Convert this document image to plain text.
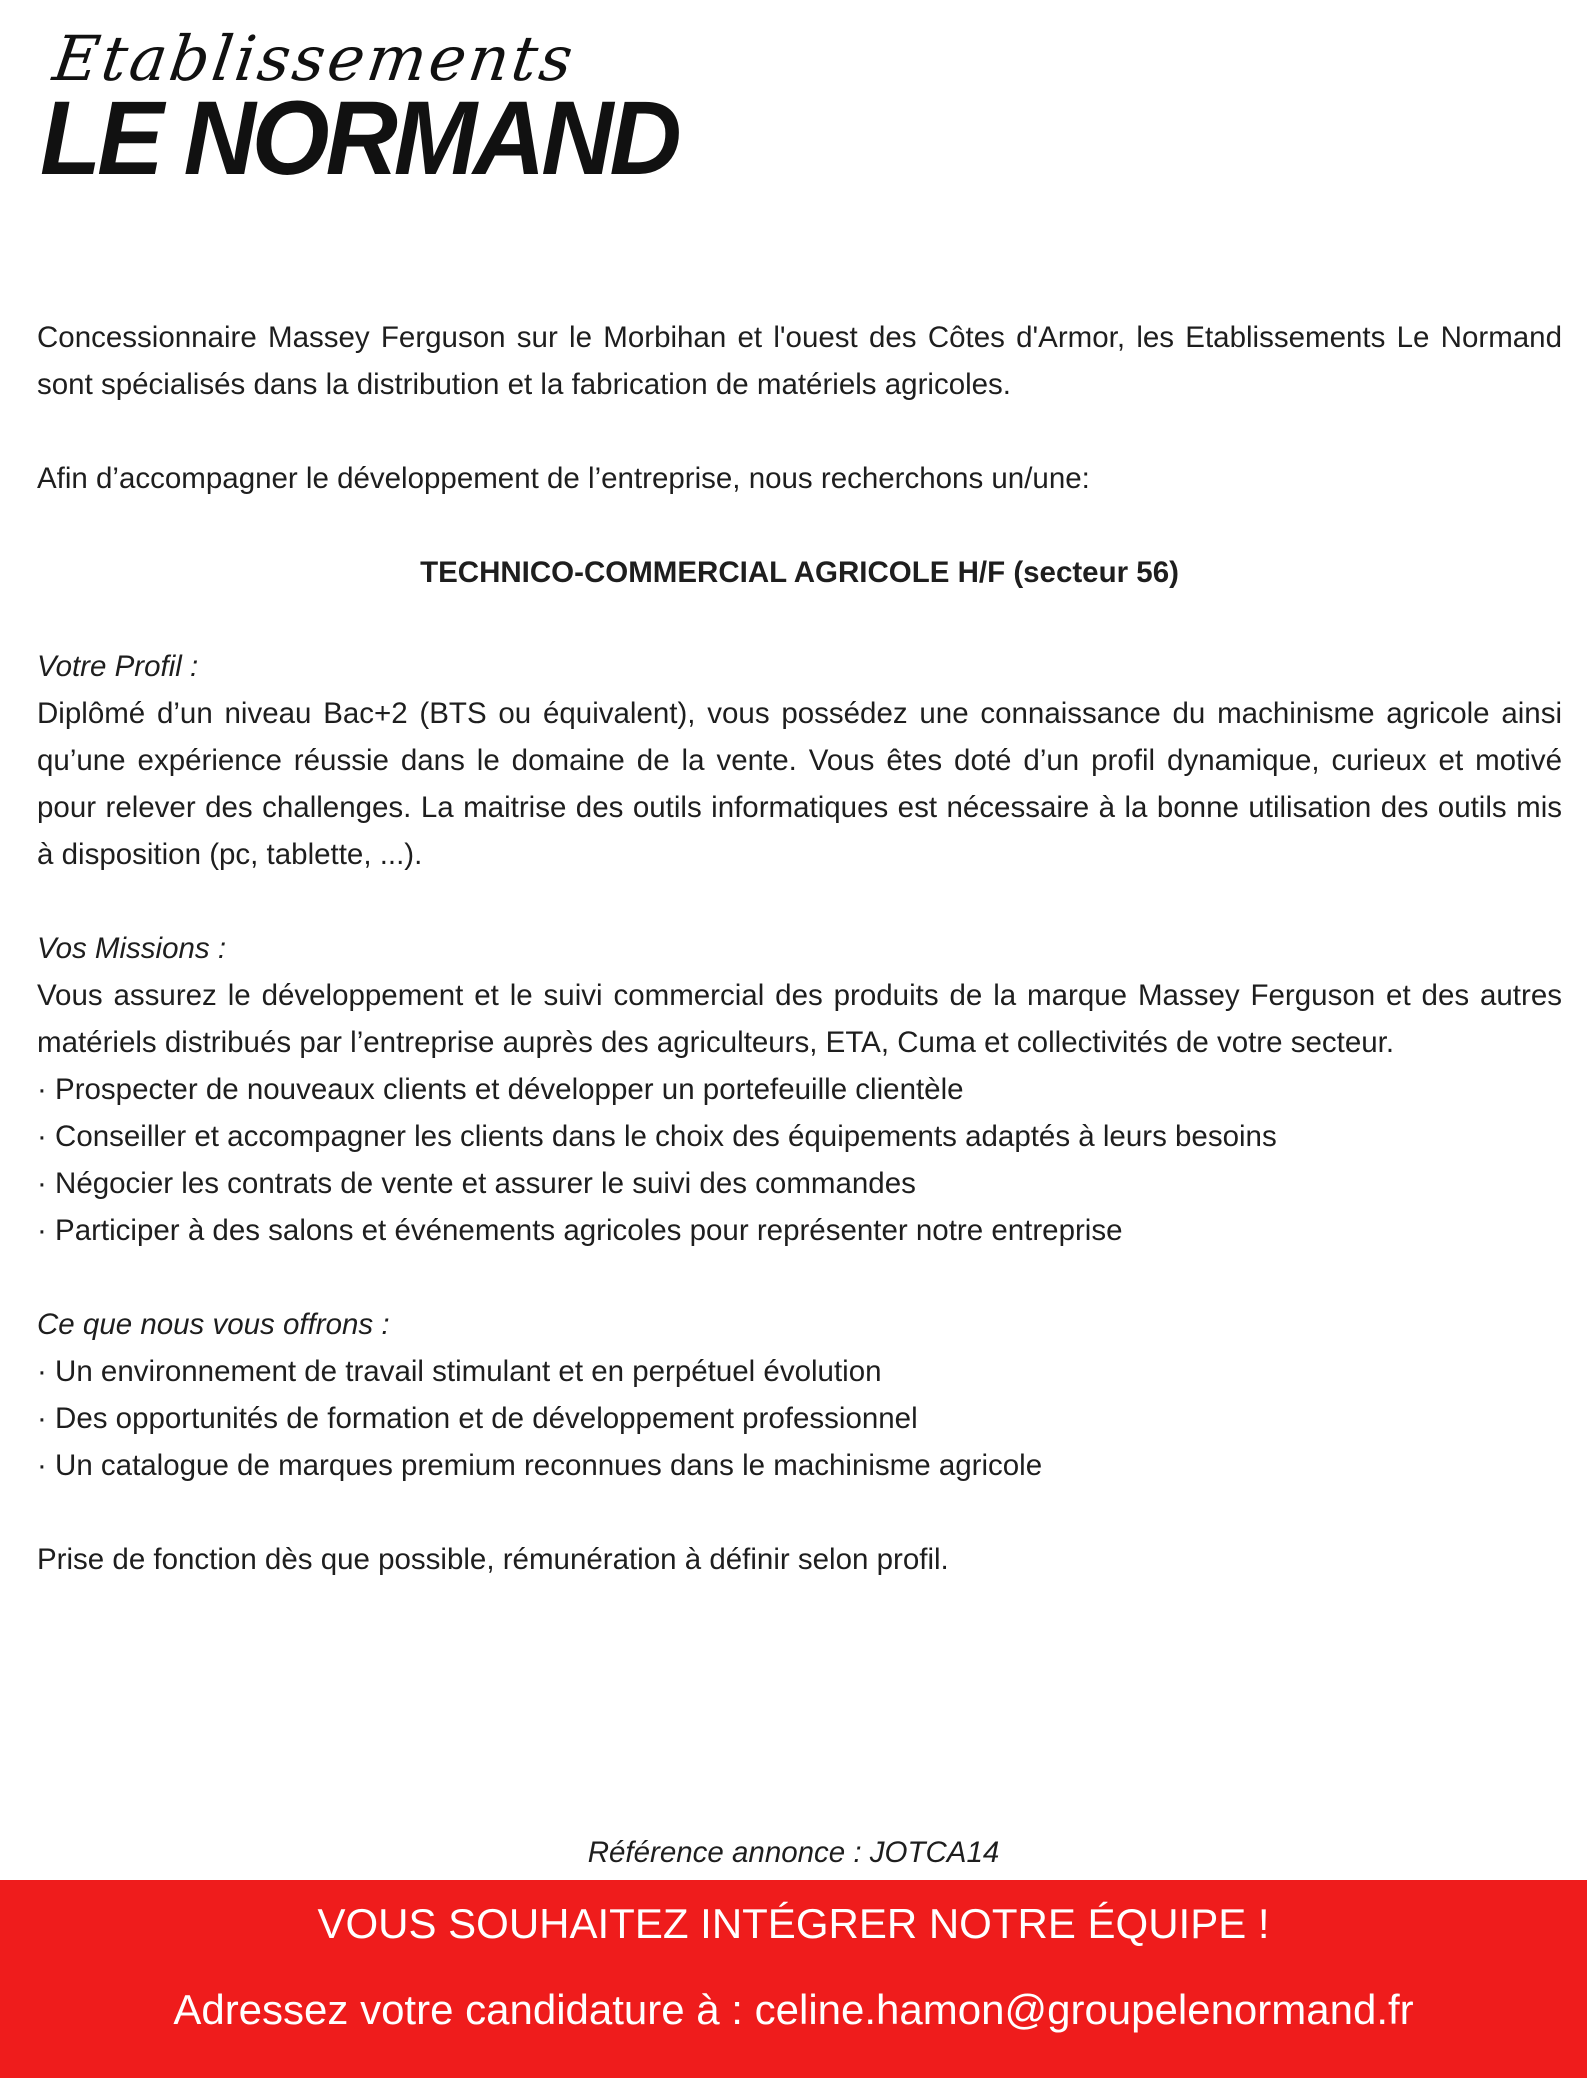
Etablissements
LE NORMAND

Concessionnaire Massey Ferguson sur le Morbihan et l'ouest des Côtes d'Armor, les Etablissements Le Normand sont spécialisés dans la distribution et la fabrication de matériels agricoles.

Afin d’accompagner le développement de l’entreprise, nous recherchons un/une:

TECHNICO-COMMERCIAL AGRICOLE H/F (secteur 56)

Votre Profil :

Diplômé d’un niveau Bac+2 (BTS ou équivalent), vous possédez une connaissance du machinisme agricole ainsi qu’une expérience réussie dans le domaine de la vente. Vous êtes doté d’un profil dynamique, curieux et motivé pour relever des challenges. La maitrise des outils informatiques est nécessaire à la bonne utilisation des outils mis à disposition (pc, tablette, ...).

Vos Missions :

Vous assurez le développement et le suivi commercial des produits de la marque Massey Ferguson et des autres matériels distribués par l’entreprise auprès des agriculteurs, ETA, Cuma et collectivités de votre secteur.

· Prospecter de nouveaux clients et développer un portefeuille clientèle

· Conseiller et accompagner les clients dans le choix des équipements adaptés à leurs besoins

· Négocier les contrats de vente et assurer le suivi des commandes

· Participer à des salons et événements agricoles pour représenter notre entreprise

Ce que nous vous offrons :

· Un environnement de travail stimulant et en perpétuel évolution

· Des opportunités de formation et de développement professionnel

· Un catalogue de marques premium reconnues dans le machinisme agricole

Prise de fonction dès que possible, rémunération à définir selon profil.

Référence annonce : JOTCA14
VOUS SOUHAITEZ INTÉGRER NOTRE ÉQUIPE !
Adressez votre candidature à : celine.hamon@groupelenormand.fr
